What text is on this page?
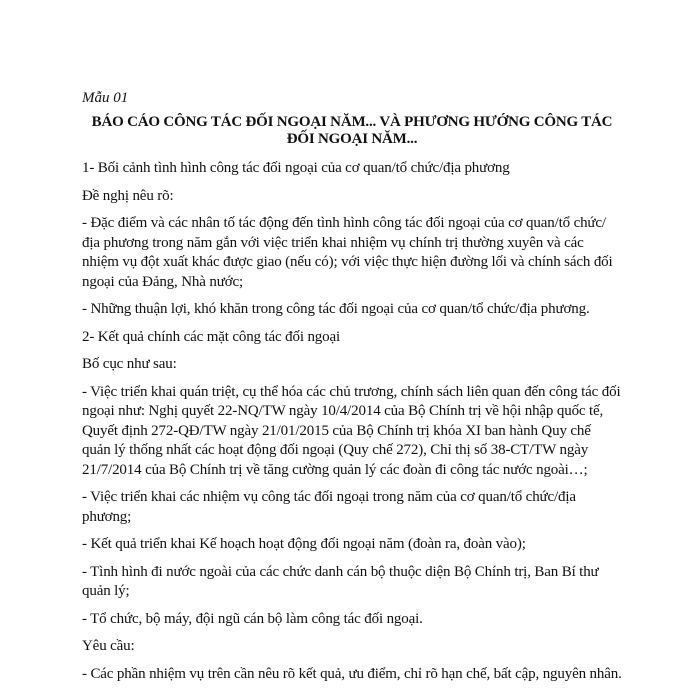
Mẫu 01

BÁO CÁO CÔNG TÁC ĐỐI NGOẠI NĂM... VÀ PHƯƠNG HƯỚNG CÔNG TÁC ĐỐI NGOẠI NĂM...

1- Bối cảnh tình hình công tác đối ngoại của cơ quan/tổ chức/địa phương

Đề nghị nêu rõ:

- Đặc điểm và các nhân tố tác động đến tình hình công tác đối ngoại của cơ quan/tổ chức/địa phương trong năm gắn với việc triển khai nhiệm vụ chính trị thường xuyên và các nhiệm vụ đột xuất khác được giao (nếu có); với việc thực hiện đường lối và chính sách đối ngoại của Đảng, Nhà nước;

- Những thuận lợi, khó khăn trong công tác đối ngoại của cơ quan/tổ chức/địa phương.

2- Kết quả chính các mặt công tác đối ngoại

Bố cục như sau:

- Việc triển khai quán triệt, cụ thể hóa các chủ trương, chính sách liên quan đến công tác đối ngoại như: Nghị quyết 22-NQ/TW ngày 10/4/2014 của Bộ Chính trị về hội nhập quốc tế, Quyết định 272-QĐ/TW ngày 21/01/2015 của Bộ Chính trị khóa XI ban hành Quy chế quản lý thống nhất các hoạt động đối ngoại (Quy chế 272), Chỉ thị số 38-CT/TW ngày 21/7/2014 của Bộ Chính trị về tăng cường quản lý các đoàn đi công tác nước ngoài…;

- Việc triển khai các nhiệm vụ công tác đối ngoại trong năm của cơ quan/tổ chức/địa phương;

- Kết quả triển khai Kế hoạch hoạt động đối ngoại năm (đoàn ra, đoàn vào);

- Tình hình đi nước ngoài của các chức danh cán bộ thuộc diện Bộ Chính trị, Ban Bí thư quản lý;

- Tổ chức, bộ máy, đội ngũ cán bộ làm công tác đối ngoại.

Yêu cầu:

- Các phần nhiệm vụ trên cần nêu rõ kết quả, ưu điểm, chỉ rõ hạn chế, bất cập, nguyên nhân.
